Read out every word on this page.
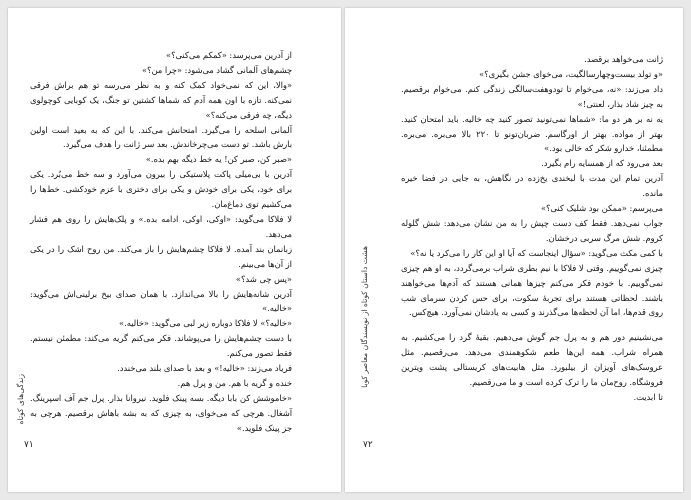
از آدرین می‌پرسد: «کمکم می‌کنی؟»

چشم‌های آلمانی گشاد می‌شود: «چرا من؟»

«والا، این که نمی‌خواد کمک کنه و به نظر می‌رسه تو هم براش فرقی نمی‌کنه. تازه با اون همه آدم که شماها کشتین تو جنگ، یک کوبایی کوچولوی دیگه، چه فرقی می‌کنه؟»

آلمانی اسلحه را می‌گیرد. امتحانش می‌کند. با این که به بعید است اولین بارش باشد. تو دست می‌چرخاندش. بعد سر ژانت را هدف می‌گیرد.

«صبر کن، صبر کن! یه خط دیگه بهم بده.»

آدرین با بی‌میلی پاکت پلاستیکی را بیرون می‌آورد و سه خط می‌بُرد. یکی برای خود، یکی برای خودش و یکی برای دختری با عزم خودکشی. خط‌ها را می‌کشیم توی دماغ‌مان.

لا فلاکا می‌گوید: «اوکی، اوکی، ادامه بده.» و پلک‌هایش را روی هم فشار می‌دهد.

زبانمان بند آمده. لا فلاکا چشم‌هایش را باز می‌کند. من روح اشک را در یکی از آن‌ها می‌بینم.

«پس چی شد؟»

آدرین شانه‌هایش را بالا می‌اندازد. با همان صدای بیخ برلینی‌اش می‌گوید: «خالیه.»

«خالیه؟» لا فلاکا دوباره زیر لبی می‌گوید: «خالیه.»

با دست چشم‌هایش را می‌پوشاند. فکر می‌کنم گریه می‌کند: مطمئن نیستم. فقط تصور می‌کنم.

فریاد می‌زند: «خالیه!» و بعد با صدای بلند می‌خندد.

خنده و گریه با هم. من و پرل هم.

«خاموشش کن بابا دیگه. بسه پینک فلوید. نیروانا بذار. پرل جم آف اسپرینگ. آشغال. هرچی که می‌خوای، به چیزی که به بشه باهاش برقصیم. هرچی به جز پینک فلوید.»

زندگی‌های کوتاه
۷۱

ژانت می‌خواهد برقصد.

«و تولد بیست‌وچهارسالگیت، می‌خوای جشن بگیری؟»

داد می‌زند: «نه، می‌خوام تا تودوهفت‌سالگی زندگی کنم. می‌خوام برقصیم. به چیز شاد بذار، لعنتی!»

یه نه بر هر دو ما: «شماها نمی‌تونید تصور کنید چه خالیه. باید امتحان کنید. بهتر از مواده. بهتر از اورگاسم. ضربان‌تونو تا ۲۲۰ بالا می‌بره. می‌بره. مطمئنا، خدارو شکر که خالی بود.»

بعد می‌رود که از همسایه رام بگیرد.

آدرین تمام این مدت با لبخندی یخ‌زده در نگاهش، به جایی در فضا خیره مانده.

می‌پرسم: «ممکن بود شلیک کنی؟»

جواب نمی‌دهد. فقط کف دست چپش را به من نشان می‌دهد: شش گلوله کروم. شش مرگ سربی درخشان.

با کمی مکث می‌گوید: «سؤال اینجاست که آیا او این کار را می‌کرد یا نه؟»

چیزی نمی‌گوییم. وقتی لا فلاکا با نیم بطری شراب برمی‌گردد، به او هم چیزی نمی‌گوییم. با خودم فکر می‌کنم چیزها همانی هستند که آدم‌ها می‌خواهند باشند. لحظاتی هستند برای تجربهٔ سکوت، برای حس کردن سرمای شب روی قدم‌ها، اما آن لحظه‌ها می‌گذرند و کسی به یادشان نمی‌آورد. هیچ‌کس.

می‌نشینیم دور هم و به پرل جم گوش می‌دهیم. بقیهٔ گرد را می‌کشیم. به همراه شراب. همه این‌ها طعم شکوهمندی می‌دهد. می‌رقصیم. مثل عروسک‌های آویزان از بیلبورد. مثل هابیت‌های کریستالی پشت ویترین فروشگاه. روح‌مان ما را ترک کرده است و ما می‌رقصیم.

تا ابدیت.

هشت داستان کوتاه از نویسندگان معاصر کوبا
۷۲
